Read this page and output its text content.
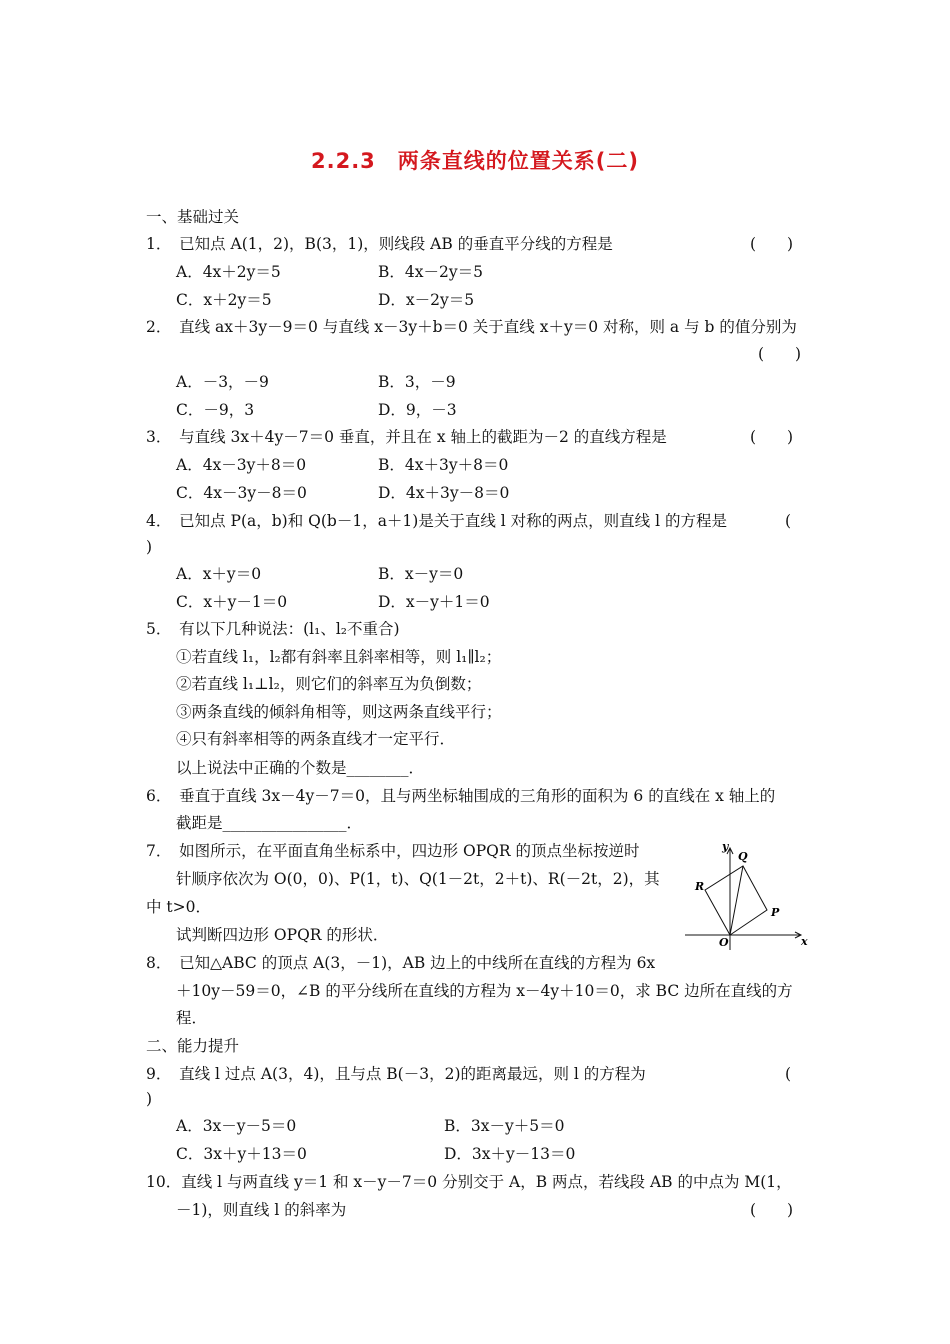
2.2.3　两条直线的位置关系(二)
一、基础过关
1．　已知点 A(1，2)，B(3，1)，则线段 AB 的垂直平分线的方程是	(　　)
A．4x＋2y＝5	B．4x－2y＝5
C．x＋2y＝5	D．x－2y＝5
2．　直线 ax＋3y－9＝0 与直线 x－3y＋b＝0 关于直线 x＋y＝0 对称，则 a 与 b 的值分别为
(　　)
A．－3，－9	B．3，－9
C．－9，3	D．9，－3
3．　与直线 3x＋4y－7＝0 垂直，并且在 x 轴上的截距为－2 的直线方程是	(　　)
A．4x－3y＋8＝0	B．4x＋3y＋8＝0
C．4x－3y－8＝0	D．4x＋3y－8＝0
4．　已知点 P(a，b)和 Q(b－1，a＋1)是关于直线 l 对称的两点，则直线 l 的方程是	(
)
A．x＋y＝0	B．x－y＝0
C．x＋y－1＝0	D．x－y＋1＝0
5．　有以下几种说法：(l₁、l₂不重合)
①若直线 l₁，l₂都有斜率且斜率相等，则 l₁∥l₂；
②若直线 l₁⊥l₂，则它们的斜率互为负倒数；
③两条直线的倾斜角相等，则这两条直线平行；
④只有斜率相等的两条直线才一定平行．
以上说法中正确的个数是________．
6．　垂直于直线 3x－4y－7＝0，且与两坐标轴围成的三角形的面积为 6 的直线在 x 轴上的
截距是________________．
7．　如图所示，在平面直角坐标系中，四边形 OPQR 的顶点坐标按逆时
针顺序依次为 O(0，0)、P(1，t)、Q(1－2t，2＋t)、R(－2t，2)，其
中 t>0．
试判断四边形 OPQR 的形状．	x
y
O
P
Q
R
8．　已知△ABC 的顶点 A(3，－1)，AB 边上的中线所在直线的方程为 6x
＋10y－59＝0，∠B 的平分线所在直线的方程为 x－4y＋10＝0，求 BC 边所在直线的方
程．
二、能力提升
9．　直线 l 过点 A(3，4)，且与点 B(－3，2)的距离最远，则 l 的方程为	(
)
A．3x－y－5＝0	B．3x－y＋5＝0
C．3x＋y＋13＝0	D．3x＋y－13＝0
10．直线 l 与两直线 y＝1 和 x－y－7＝0 分别交于 A，B 两点，若线段 AB 的中点为 M(1，
－1)，则直线 l 的斜率为	(　　)
